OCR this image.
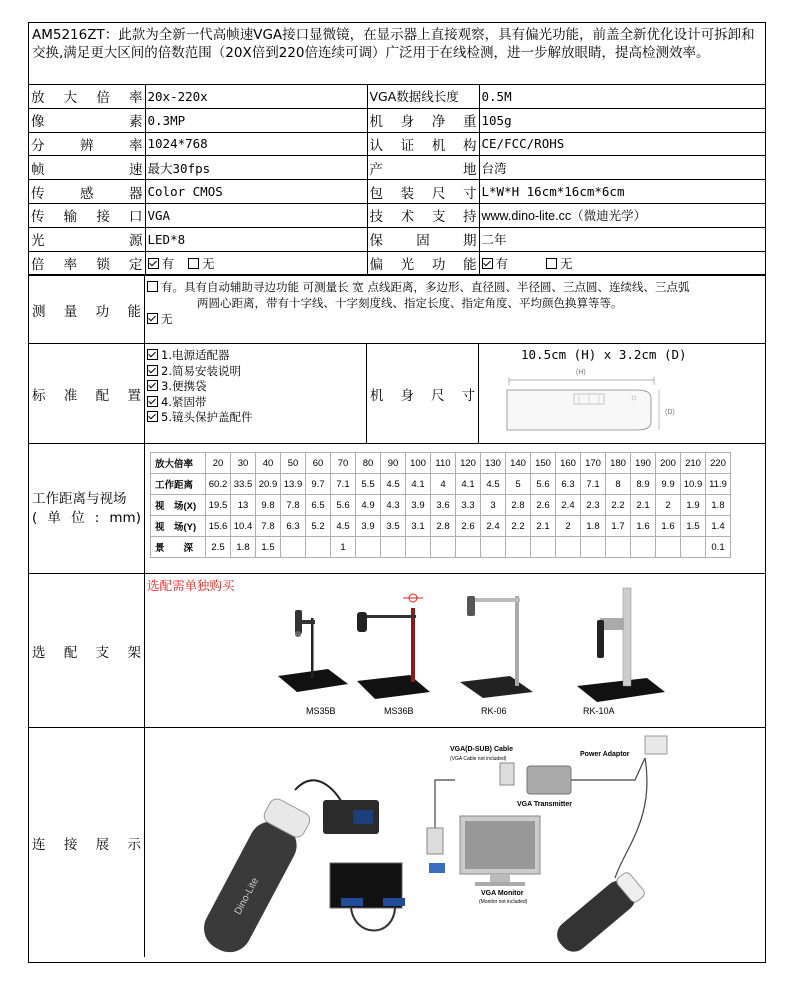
AM5216ZT：此款为全新一代高帧速VGA接口显微镜，在显示器上直接观察，具有偏光功能，前盖全新优化设计可拆卸和交换,满足更大区间的倍数范围（20X倍到220倍连续可调）广泛用于在线检测，进一步解放眼睛，提高检测效率。
放 大 倍 率	20x-220x	VGA数据线长度	0.5M

像 素	0.3MP	机 身 净 重	105g

分 辨 率	1024*768	认 证 机 构	CE/FCC/ROHS

帧 速	最大30fps	产 地	台湾

传 感 器	Color CMOS	包 装 尺 寸	L*W*H 16cm*16cm*6cm

传 输 接 口	VGA	技 术 支 持	www.dino-lite.cc（微迪光学）

光 源	LED*8	保 固 期	二年

倍 率 锁 定	有 无	偏 光 功 能	有 无
测 量 功 能
有。具有自动辅助寻边功能 可测量长 宽 点线距离，多边形、直径圆、半径圆、三点圆、连续线、三点弧
两圆心距离，带有十字线、十字刻度线、指定长度、指定角度、平均颜色换算等等。
无
标 准 配 置
1.电源适配器
2.简易安装说明
3.便携袋
4.紧固带
5.镜头保护盖配件
机 身 尺 寸
10.5cm (H) x 3.2cm (D)
(H)
(D)
工作距离与视场
( 单 位 : mm)
放大倍率	20	30	40	50	60	70	80	90	100	110	120	130	140	150	160	170	180	190	200	210	220
工作距离	60.2	33.5	20.9	13.9	9.7	7.1	5.5	4.5	4.1	4	4.1	4.5	5	5.6	6.3	7.1	8	8.9	9.9	10.9	11.9
视　场(X)	19.5	13	9.8	7.8	6.5	5.6	4.9	4.3	3.9	3.6	3.3	3	2.8	2.6	2.4	2.3	2.2	2.1	2	1.9	1.8
视　场(Y)	15.6	10.4	7.8	6.3	5.2	4.5	3.9	3.5	3.1	2.8	2.6	2.4	2.2	2.1	2	1.8	1.7	1.6	1.6	1.5	1.4
景　　深	2.5	1.8	1.5			1															0.1
选 配 支 架
选配需单独购买
MS35B	MS36B	RK-06	RK-10A
连 接 展 示
Dino-Lite
VGA(D-SUB) Cable
(VGA Cable not included)
Power Adaptor
VGA Transmitter
VGA Monitor
(Monitor not included)
